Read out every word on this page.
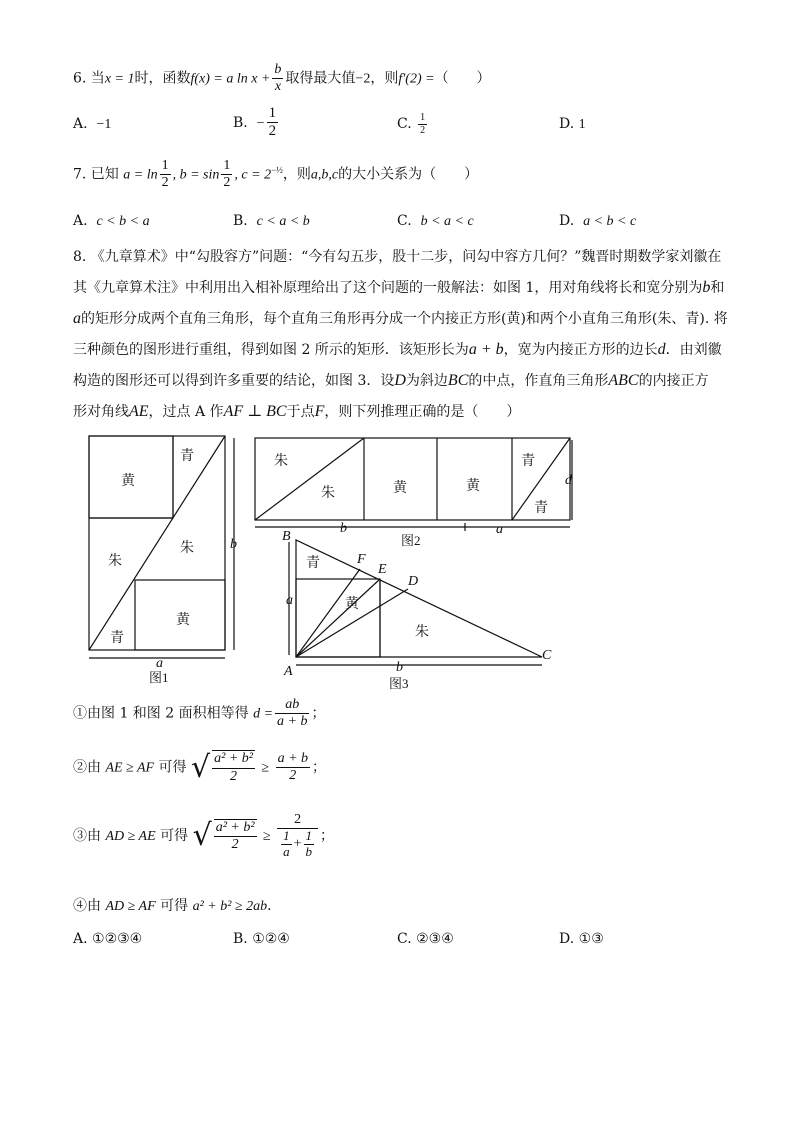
6. 当x = 1时，函数f(x) = a $\ln x + \frac{b}{x}$ 取得最大值−2，则f′(2) =（　　）
A. −1	B. − $\frac{1}{2}$	C. $\frac{1}{2}$	D. 1
7. 已知 $a = \ln \frac{1}{2}$ , $b = \sin \frac{1}{2}$ , $c = 2^{-\frac{1}{2}}$，则a,b,c的大小关系为（　　）
A. c < b < a	B. c < a < b	C. b < a < c	D. a < b < c
8. 《九章算术》中“勾股容方”问题：“今有勾五步，股十二步，问勾中容方几何？”魏晋时期数学家刘徽在
其《九章算术注》中利用出入相补原理给出了这个问题的一般解法：如图 1，用对角线将长和宽分别为b和
a的矩形分成两个直角三角形，每个直角三角形再分成一个内接正方形(黄)和两个小直角三角形(朱、青). 将
三种颜色的图形进行重组，得到如图 2 所示的矩形．该矩形长为a + b，宽为内接正方形的边长d．由刘徽
构造的图形还可以得到许多重要的结论，如图 3．设D为斜边BC的中点，作直角三角形ABC的内接正方
形对角线AE，过点 A 作AF ⊥ BC于点F，则下列推理正确的是（　　）
黄
青
朱
朱
黄
青
朱
朱	黄	黄
青
青
青
黄
朱
a
b
b	a
d
B
F
E
D
A
C
a
b
图1
图2
图3
①由图 1 和图 2 面积相等得 $d = \frac{ab}{a + b}$ ；
②由 AE ≥ AF 可得 √ $\frac{\text{a² + b²}}{2} \ge \frac{a + b}{2}$ ；
③由 AD ≥ AE 可得 √ $\frac{\text{a² + b²}}{2} \ge \frac{2}{\frac{1}{a} + \frac{1}{b}}$ ；
④由 AD ≥ AF 可得 a² + b² ≥ 2ab．
A. ①②③④	B. ①②④	C. ②③④	D. ①③
